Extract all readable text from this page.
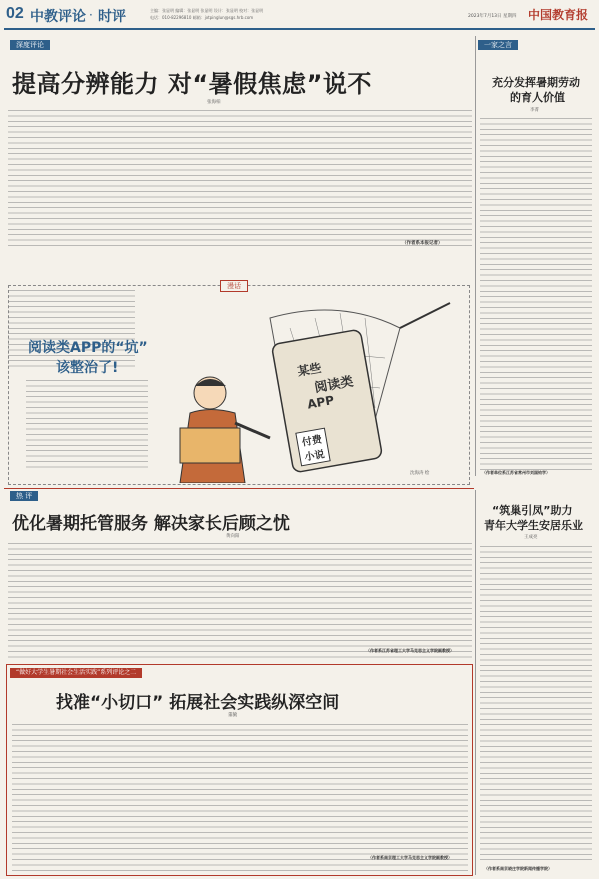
02 中教评论 · 时评	主编：张显明 编辑：张显明 张显明 设计：张显明 校对：张显明
电话：010-82296810 邮箱：jxtpinglun@sgs.hrb.com	2023年7月13日 星期四 中国教育报
深度评论
提高分辨能力 对“暑假焦虑”说不
张海柏
（作者系本报记者）
一家之言
充分发挥暑期劳动
的育人价值
李菁
（作者单位系江苏省常州市刘国钧学）
漫话
阅读类APP的“坑”
该整治了!	某些
阅读类
APP
付费
小说
沈海涛 绘
热 评
优化暑期托管服务 解决家长后顾之忧
黄向阳
（作者系江苏省理工大学马克思主义学院副教授）
“筑巢引凤”助力
青年大学生安居乐业
王成亮
（作者系南京晓庄学院新闻传播学院）
“做好大学生暑期社会生活实践”系列评论之二
找准“小切口” 拓展社会实践纵深空间
董毓
（作者系南京理工大学马克思主义学院副教授）
